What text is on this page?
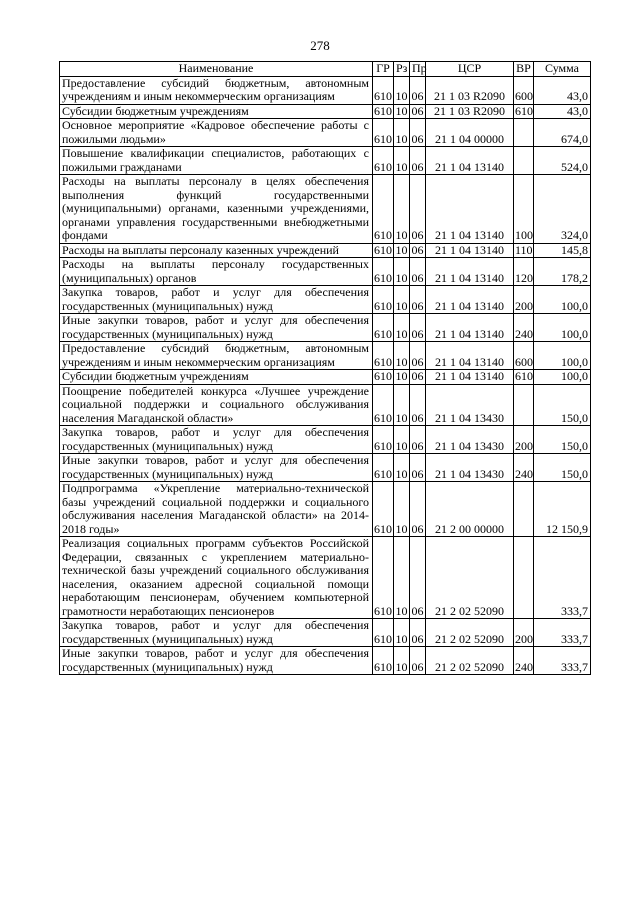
278
Наименование	ГР	Рз	Пр	ЦСР	ВР	Сумма
Предоставление субсидий бюджетным, автономным учреждениям и иным некоммерческим организациям	610	10	06	21 1 03 R2090	600	43,0
Субсидии бюджетным учреждениям	610	10	06	21 1 03 R2090	610	43,0
Основное мероприятие «Кадровое обеспечение работы с пожилыми людьми»	610	10	06	21 1 04 00000		674,0
Повышение квалификации специалистов, работающих с пожилыми гражданами	610	10	06	21 1 04 13140		524,0
Расходы на выплаты персоналу в целях обеспечения выполнения функций государственными (муниципальными) органами, казенными учреждениями, органами управления государственными внебюджетными фондами	610	10	06	21 1 04 13140	100	324,0
Расходы на выплаты персоналу казенных учреждений	610	10	06	21 1 04 13140	110	145,8
Расходы на выплаты персоналу государственных (муниципальных) органов	610	10	06	21 1 04 13140	120	178,2
Закупка товаров, работ и услуг для обеспечения государственных (муниципальных) нужд	610	10	06	21 1 04 13140	200	100,0
Иные закупки товаров, работ и услуг для обеспечения государственных (муниципальных) нужд	610	10	06	21 1 04 13140	240	100,0
Предоставление субсидий бюджетным, автономным учреждениям и иным некоммерческим организациям	610	10	06	21 1 04 13140	600	100,0
Субсидии бюджетным учреждениям	610	10	06	21 1 04 13140	610	100,0
Поощрение победителей конкурса «Лучшее учреждение социальной поддержки и социального обслуживания населения Магаданской области»	610	10	06	21 1 04 13430		150,0
Закупка товаров, работ и услуг для обеспечения государственных (муниципальных) нужд	610	10	06	21 1 04 13430	200	150,0
Иные закупки товаров, работ и услуг для обеспечения государственных (муниципальных) нужд	610	10	06	21 1 04 13430	240	150,0
Подпрограмма «Укрепление материально-технической базы учреждений социальной поддержки и социального обслуживания населения Магаданской области» на 2014-2018 годы»	610	10	06	21 2 00 00000		12 150,9
Реализация социальных программ субъектов Российской Федерации, связанных с укреплением материально-технической базы учреждений социального обслуживания населения, оказанием адресной социальной помощи неработающим пенсионерам, обучением компьютерной грамотности неработающих пенсионеров	610	10	06	21 2 02 52090		333,7
Закупка товаров, работ и услуг для обеспечения государственных (муниципальных) нужд	610	10	06	21 2 02 52090	200	333,7
Иные закупки товаров, работ и услуг для обеспечения государственных (муниципальных) нужд	610	10	06	21 2 02 52090	240	333,7
